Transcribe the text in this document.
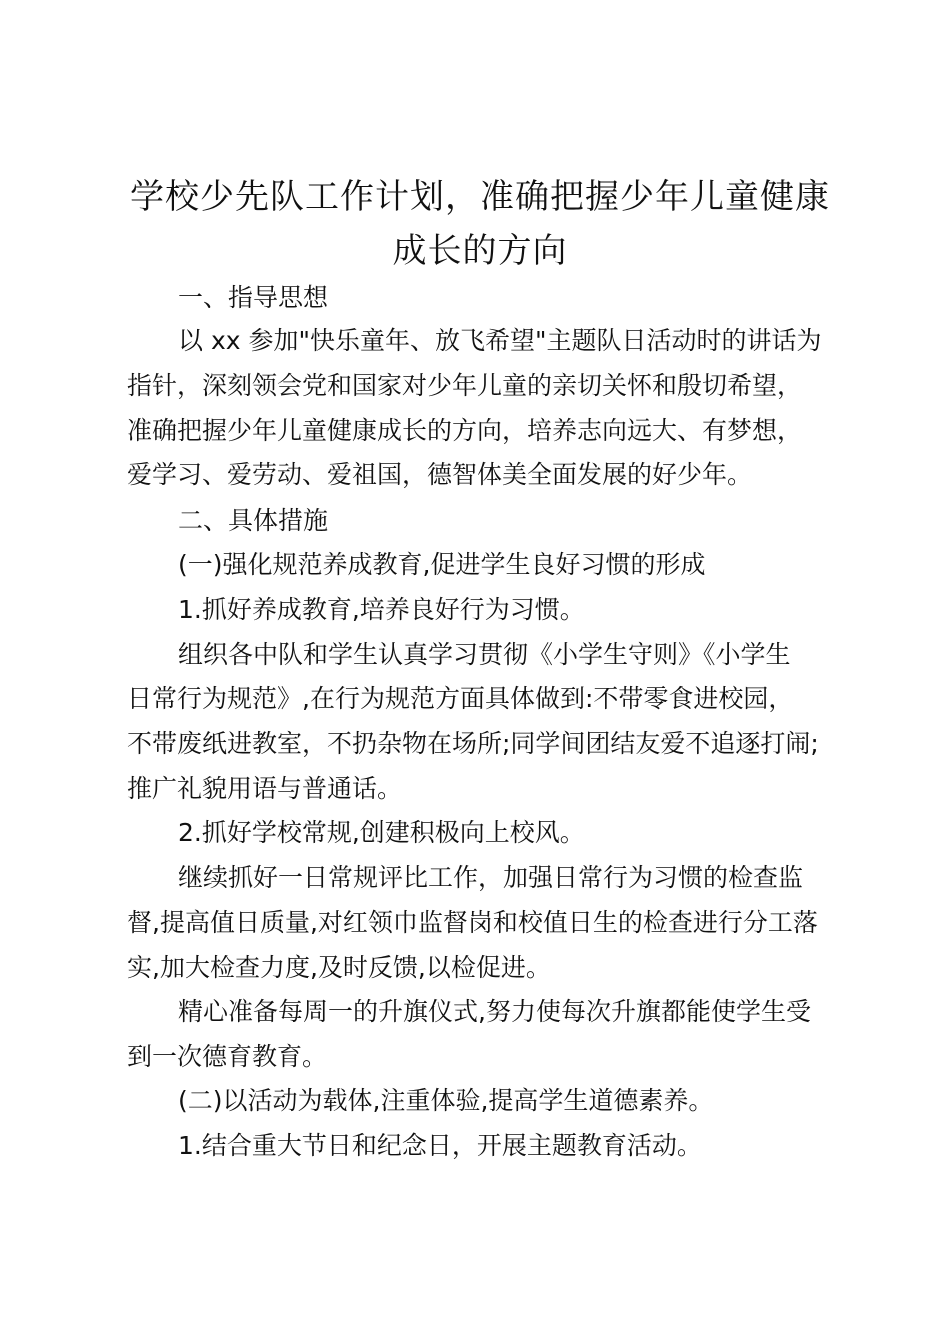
学校少先队工作计划，准确把握少年儿童健康
成长的方向
一、指导思想
以 xx 参加"快乐童年、放飞希望"主题队日活动时的讲话为
指针，深刻领会党和国家对少年儿童的亲切关怀和殷切希望，
准确把握少年儿童健康成长的方向，培养志向远大、有梦想，
爱学习、爱劳动、爱祖国，德智体美全面发展的好少年。
二、具体措施
(一)强化规范养成教育,促进学生良好习惯的形成
1.抓好养成教育,培养良好行为习惯。
组织各中队和学生认真学习贯彻《小学生守则》《小学生
日常行为规范》,在行为规范方面具体做到:不带零食进校园，
不带废纸进教室，不扔杂物在场所;同学间团结友爱不追逐打闹;
推广礼貌用语与普通话。
2.抓好学校常规,创建积极向上校风。
继续抓好一日常规评比工作，加强日常行为习惯的检查监
督,提高值日质量,对红领巾监督岗和校值日生的检查进行分工落
实,加大检查力度,及时反馈,以检促进。
精心准备每周一的升旗仪式,努力使每次升旗都能使学生受
到一次德育教育。
(二)以活动为载体,注重体验,提高学生道德素养。
1.结合重大节日和纪念日，开展主题教育活动。
